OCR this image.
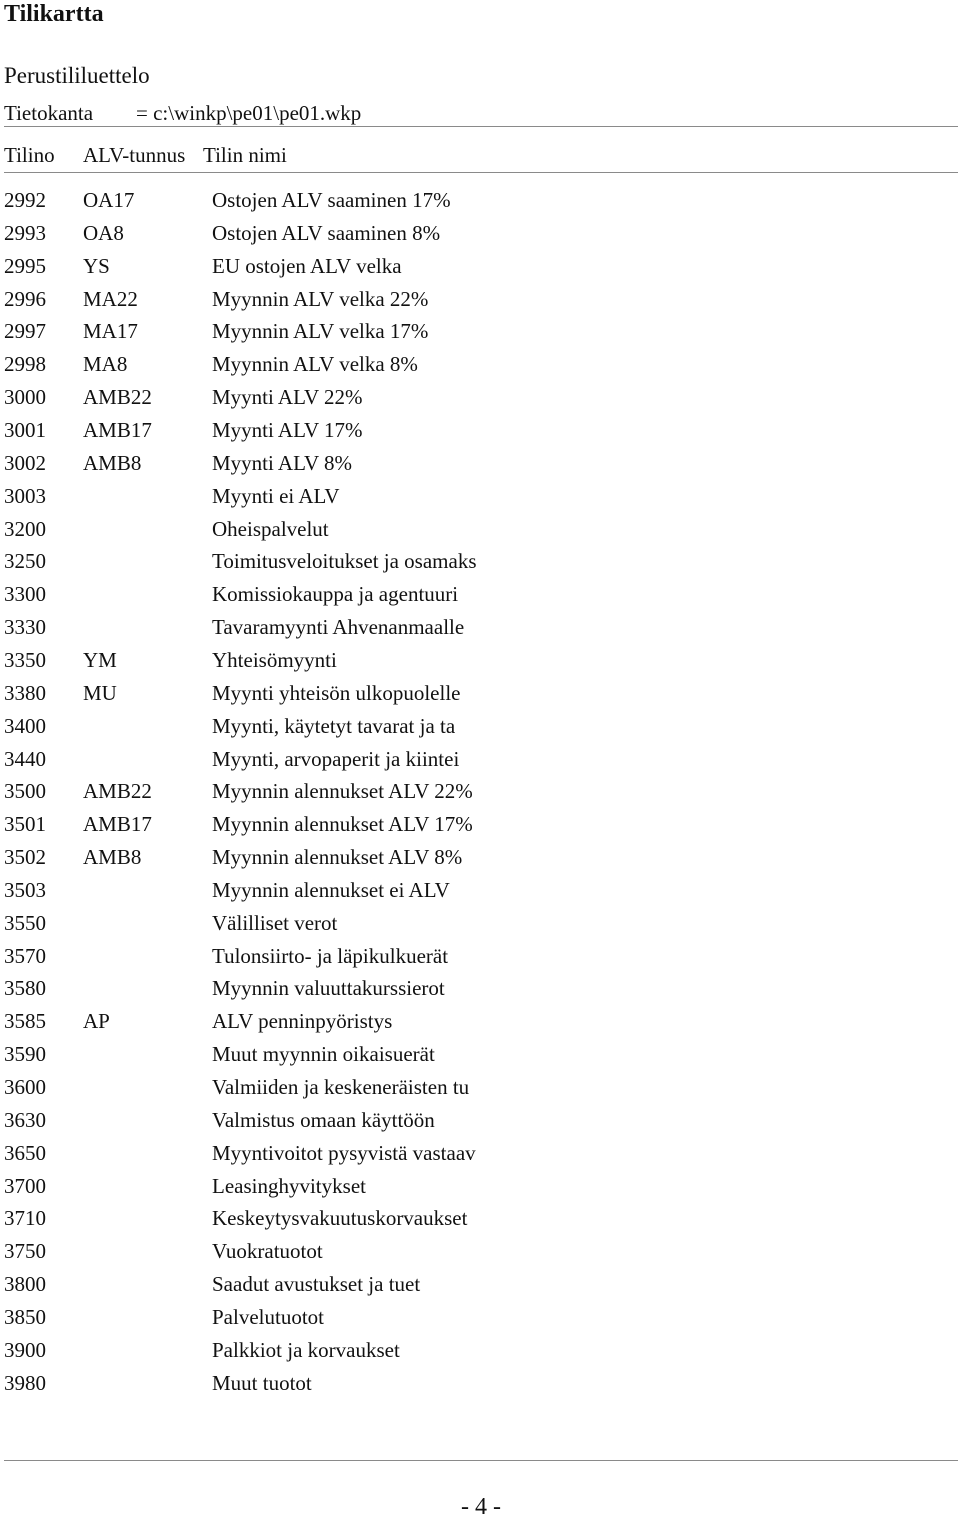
Tilikartta
Perustililuettelo
Tietokanta = c:\winkp\pe01\pe01.wkp
Tilino ALV-tunnus Tilin nimi
2992 OA17	Ostojen ALV saaminen 17%
2993 OA8	Ostojen ALV saaminen 8%
2995 YS	EU ostojen ALV velka
2996 MA22	Myynnin ALV velka 22%
2997 MA17	Myynnin ALV velka 17%
2998 MA8	Myynnin ALV velka 8%
3000 AMB22	Myynti ALV 22%
3001 AMB17	Myynti ALV 17%
3002 AMB8	Myynti ALV 8%
3003	Myynti ei ALV
3200	Oheispalvelut
3250	Toimitusveloitukset ja osamaks
3300	Komissiokauppa ja agentuuri
3330	Tavaramyynti Ahvenanmaalle
3350 YM	Yhteisömyynti
3380 MU	Myynti yhteisön ulkopuolelle
3400	Myynti, käytetyt tavarat ja ta
3440	Myynti, arvopaperit ja kiintei
3500 AMB22	Myynnin alennukset ALV 22%
3501 AMB17	Myynnin alennukset ALV 17%
3502 AMB8	Myynnin alennukset ALV 8%
3503	Myynnin alennukset ei ALV
3550	Välilliset verot
3570	Tulonsiirto- ja läpikulkuerät
3580	Myynnin valuuttakurssierot
3585 AP	ALV penninpyöristys
3590	Muut myynnin oikaisuerät
3600	Valmiiden ja keskeneräisten tu
3630	Valmistus omaan käyttöön
3650	Myyntivoitot pysyvistä vastaav
3700	Leasinghyvitykset
3710	Keskeytysvakuutuskorvaukset
3750	Vuokratuotot
3800	Saadut avustukset ja tuet
3850	Palvelutuotot
3900	Palkkiot ja korvaukset
3980	Muut tuotot
- 4 -
